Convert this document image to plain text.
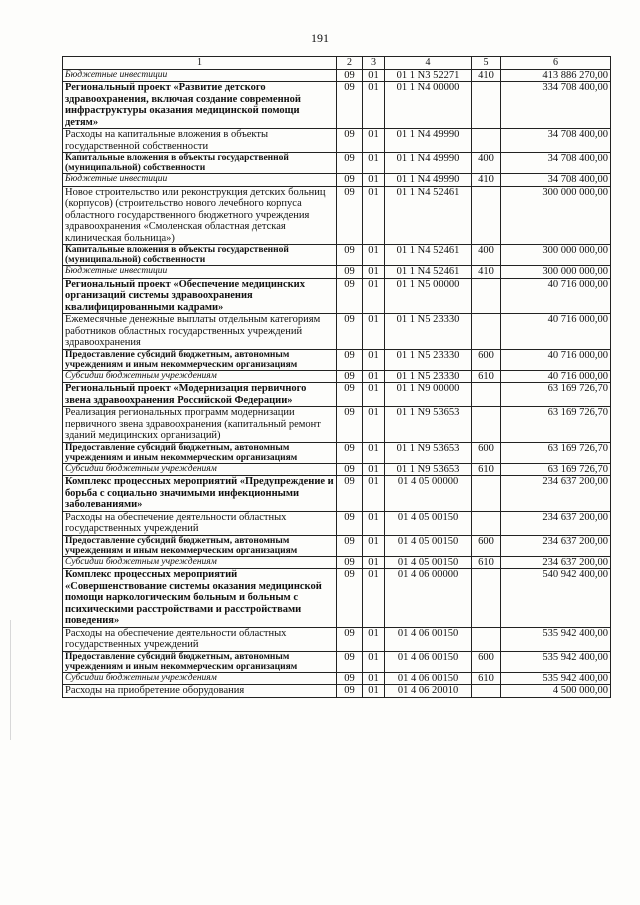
191
1	2	3	4	5	6
Бюджетные инвестиции	09	01	01 1 N3 52271	410	413 886 270,00
Региональный проект «Развитие детского здравоохранения, включая создание современной инфраструктуры оказания медицинской помощи детям»	09	01	01 1 N4 00000		334 708 400,00
Расходы на капитальные вложения в объекты государственной собственности	09	01	01 1 N4 49990		34 708 400,00
Капитальные вложения в объекты государственной (муниципальной) собственности	09	01	01 1 N4 49990	400	34 708 400,00
Бюджетные инвестиции	09	01	01 1 N4 49990	410	34 708 400,00
Новое строительство или реконструкция детских больниц (корпусов) (строительство нового лечебного корпуса областного государственного бюджетного учреждения здравоохранения «Смоленская областная детская клиническая больница»)	09	01	01 1 N4 52461		300 000 000,00
Капитальные вложения в объекты государственной (муниципальной) собственности	09	01	01 1 N4 52461	400	300 000 000,00
Бюджетные инвестиции	09	01	01 1 N4 52461	410	300 000 000,00
Региональный проект «Обеспечение медицинских организаций системы здравоохранения квалифицированными кадрами»	09	01	01 1 N5 00000		40 716 000,00
Ежемесячные денежные выплаты отдельным категориям работников областных государственных учреждений здравоохранения	09	01	01 1 N5 23330		40 716 000,00
Предоставление субсидий бюджетным, автономным учреждениям и иным некоммерческим организациям	09	01	01 1 N5 23330	600	40 716 000,00
Субсидии бюджетным учреждениям	09	01	01 1 N5 23330	610	40 716 000,00
Региональный проект «Модернизация первичного звена здравоохранения Российской Федерации»	09	01	01 1 N9 00000		63 169 726,70
Реализация региональных программ модернизации первичного звена здравоохранения (капитальный ремонт зданий медицинских организаций)	09	01	01 1 N9 53653		63 169 726,70
Предоставление субсидий бюджетным, автономным учреждениям и иным некоммерческим организациям	09	01	01 1 N9 53653	600	63 169 726,70
Субсидии бюджетным учреждениям	09	01	01 1 N9 53653	610	63 169 726,70
Комплекс процессных мероприятий «Предупреждение и борьба с социально значимыми инфекционными заболеваниями»	09	01	01 4 05 00000		234 637 200,00
Расходы на обеспечение деятельности областных государственных учреждений	09	01	01 4 05 00150		234 637 200,00
Предоставление субсидий бюджетным, автономным учреждениям и иным некоммерческим организациям	09	01	01 4 05 00150	600	234 637 200,00
Субсидии бюджетным учреждениям	09	01	01 4 05 00150	610	234 637 200,00
Комплекс процессных мероприятий «Совершенствование системы оказания медицинской помощи наркологическим больным и больным с психическими расстройствами и расстройствами поведения»	09	01	01 4 06 00000		540 942 400,00
Расходы на обеспечение деятельности областных государственных учреждений	09	01	01 4 06 00150		535 942 400,00
Предоставление субсидий бюджетным, автономным учреждениям и иным некоммерческим организациям	09	01	01 4 06 00150	600	535 942 400,00
Субсидии бюджетным учреждениям	09	01	01 4 06 00150	610	535 942 400,00
Расходы на приобретение оборудования	09	01	01 4 06 20010		4 500 000,00
